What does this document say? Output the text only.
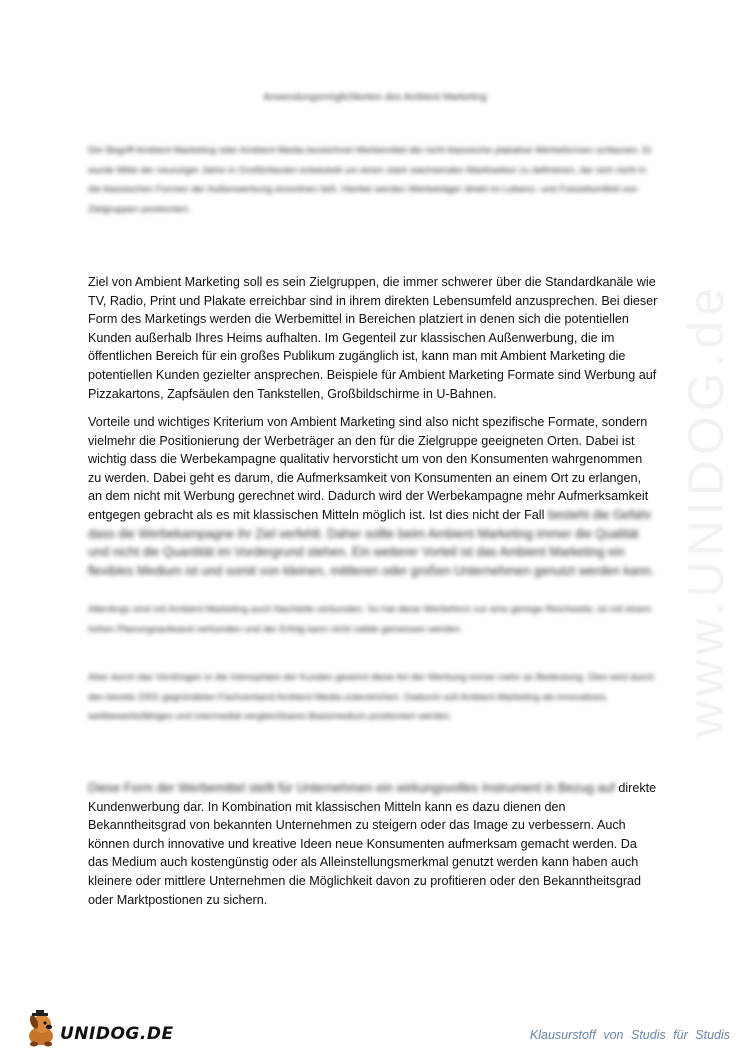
Anwendungsmöglichkeiten des Ambient Marketing

Der Begriff Ambient Marketing oder Ambient Media bezeichnet Werbemittel die nicht klassische plakative Werbeformen umfassen. Er wurde Mitte der neunziger Jahre in Großbritanien entwickelt um einen stark wachsenden Marktsektor zu definieren, der sich nicht in die klassischen Formen der Außenwerbung einordnen ließ. Hierbei werden Werbeträger direkt im Lebens- und Freizeitumfeld von Zielgruppen positioniert.

Ziel von Ambient Marketing soll es sein Zielgruppen, die immer schwerer über die Standardkanäle wie TV, Radio, Print und Plakate erreichbar sind in ihrem direkten Lebensumfeld anzusprechen. Bei dieser Form des Marketings werden die Werbemittel in Bereichen platziert in denen sich die potentiellen Kunden außerhalb Ihres Heims aufhalten. Im Gegenteil zur klassischen Außenwerbung, die im öffentlichen Bereich für ein großes Publikum zugänglich ist, kann man mit Ambient Marketing die potentiellen Kunden gezielter ansprechen. Beispiele für Ambient Marketing Formate sind Werbung auf Pizzakartons, Zapfsäulen den Tankstellen, Großbildschirme in U-Bahnen.

Vorteile und wichtiges Kriterium von Ambient Marketing sind also nicht spezifische Formate, sondern vielmehr die Positionierung der Werbeträger an den für die Zielgruppe geeigneten Orten. Dabei ist wichtig dass die Werbekampagne qualitativ hervorsticht um von den Konsumenten wahrgenommen zu werden. Dabei geht es darum, die Aufmerksamkeit von Konsumenten an einem Ort zu erlangen, an dem nicht mit Werbung gerechnet wird. Dadurch wird der Werbekampagne mehr Aufmerksamkeit entgegen gebracht als es mit klassischen Mitteln möglich ist. Ist dies nicht der Fall besteht die Gefahr dass die Werbekampagne ihr Ziel verfehlt. Daher sollte beim Ambient Marketing immer die Qualität und nicht die Quantität im Vordergrund stehen. Ein weiterer Vorteil ist das Ambient Marketing ein flexibles Medium ist und somit von kleinen, mittleren oder großen Unternehmen genutzt werden kann.

Allerdings sind mit Ambient Marketing auch Nachteile verbunden. So hat diese Werbeform nur eine geringe Reichweite, ist mit einem hohen Planungsaufwand verbunden und der Erfolg kann nicht valide gemessen werden.

Aber durch das Vordringen in die Intimsphäre der Kunden gewinnt diese Art der Werbung immer mehr an Bedeutung. Dies wird durch den bereits 2001 gegründeten Fachverband Ambient Media unterstrichen. Dadurch soll Ambient Marketing als innovatives, wettbewerbsfähiges und intermedial vergleichbares Basismedium positioniert werden.

Diese Form der Werbemittel stellt für Unternehmen ein wirkungsvolles Instrument in Bezug auf direkte Kundenwerbung dar. In Kombination mit klassischen Mitteln kann es dazu dienen den Bekanntheitsgrad von bekannten Unternehmen zu steigern oder das Image zu verbessern. Auch können durch innovative und kreative Ideen neue Konsumenten aufmerksam gemacht werden. Da das Medium auch kostengünstig oder als Alleinstellungsmerkmal genutzt werden kann haben auch kleinere oder mittlere Unternehmen die Möglichkeit davon zu profitieren oder den Bekanntheitsgrad oder Marktpostionen zu sichern.

www.UNIDOG.de
UNIDOG.DE	Klausurstoff von Studis für Studis
